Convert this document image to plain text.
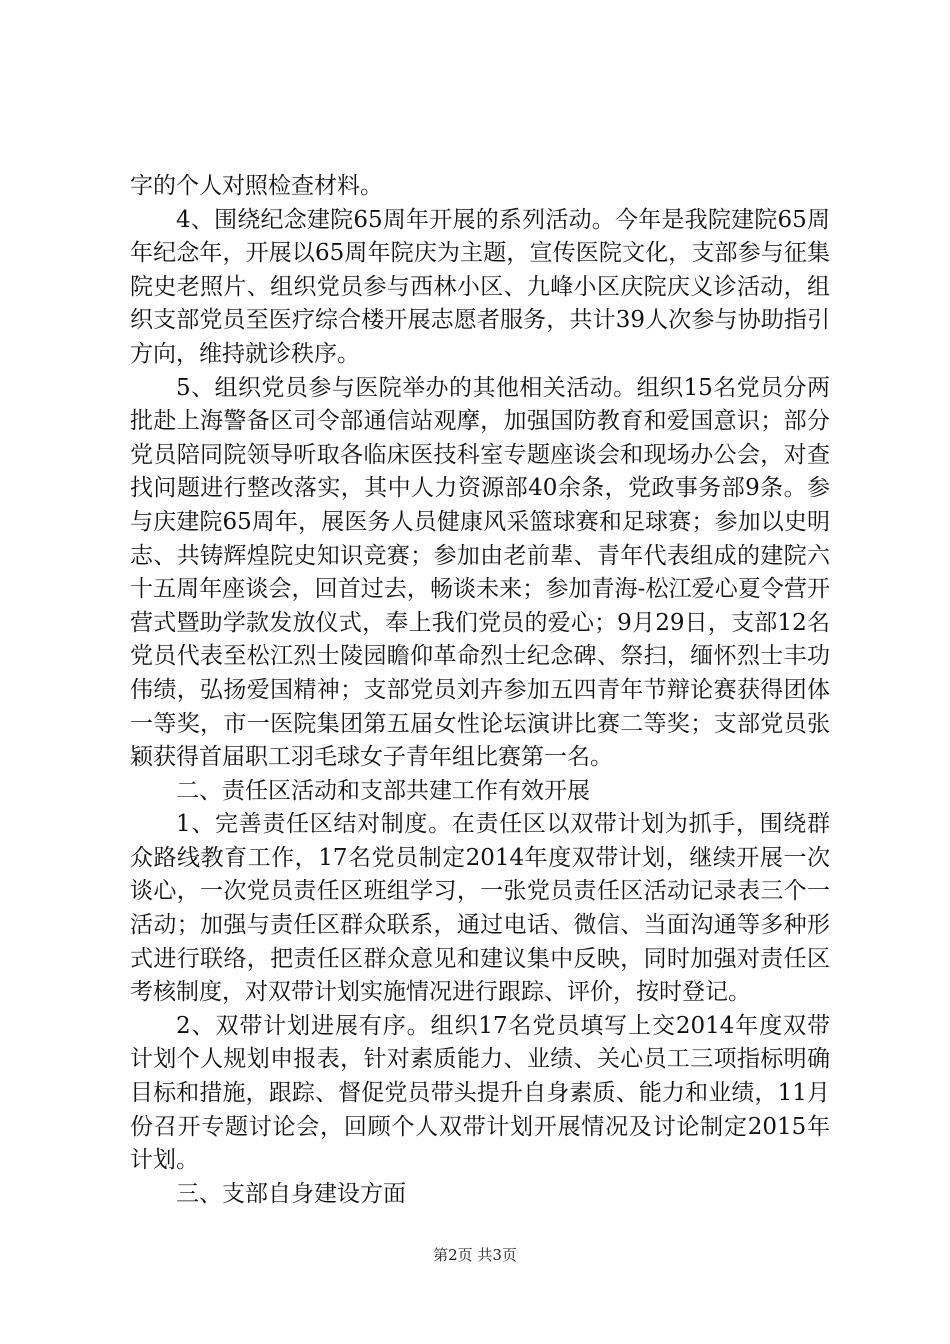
字的个人对照检查材料。

4、围绕纪念建院65周年开展的系列活动。今年是我院建院65周年纪念年，开展以65周年院庆为主题，宣传医院文化，支部参与征集院史老照片、组织党员参与西林小区、九峰小区庆院庆义诊活动，组织支部党员至医疗综合楼开展志愿者服务，共计39人次参与协助指引方向，维持就诊秩序。

5、组织党员参与医院举办的其他相关活动。组织15名党员分两批赴上海警备区司令部通信站观摩，加强国防教育和爱国意识；部分党员陪同院领导听取各临床医技科室专题座谈会和现场办公会，对查找问题进行整改落实，其中人力资源部40余条，党政事务部9条。参与庆建院65周年，展医务人员健康风采篮球赛和足球赛；参加以史明志、共铸辉煌院史知识竞赛；参加由老前辈、青年代表组成的建院六十五周年座谈会，回首过去，畅谈未来；参加青海-松江爱心夏令营开营式暨助学款发放仪式，奉上我们党员的爱心；9月29日，支部12名党员代表至松江烈士陵园瞻仰革命烈士纪念碑、祭扫，缅怀烈士丰功伟绩，弘扬爱国精神；支部党员刘卉参加五四青年节辩论赛获得团体一等奖，市一医院集团第五届女性论坛演讲比赛二等奖；支部党员张颖获得首届职工羽毛球女子青年组比赛第一名。

二、责任区活动和支部共建工作有效开展

1、完善责任区结对制度。在责任区以双带计划为抓手，围绕群众路线教育工作，17名党员制定2014年度双带计划，继续开展一次谈心，一次党员责任区班组学习，一张党员责任区活动记录表三个一活动；加强与责任区群众联系，通过电话、微信、当面沟通等多种形式进行联络，把责任区群众意见和建议集中反映，同时加强对责任区考核制度，对双带计划实施情况进行跟踪、评价，按时登记。

2、双带计划进展有序。组织17名党员填写上交2014年度双带计划个人规划申报表，针对素质能力、业绩、关心员工三项指标明确目标和措施，跟踪、督促党员带头提升自身素质、能力和业绩，11月份召开专题讨论会，回顾个人双带计划开展情况及讨论制定2015年计划。

三、支部自身建设方面

第2页 共3页
